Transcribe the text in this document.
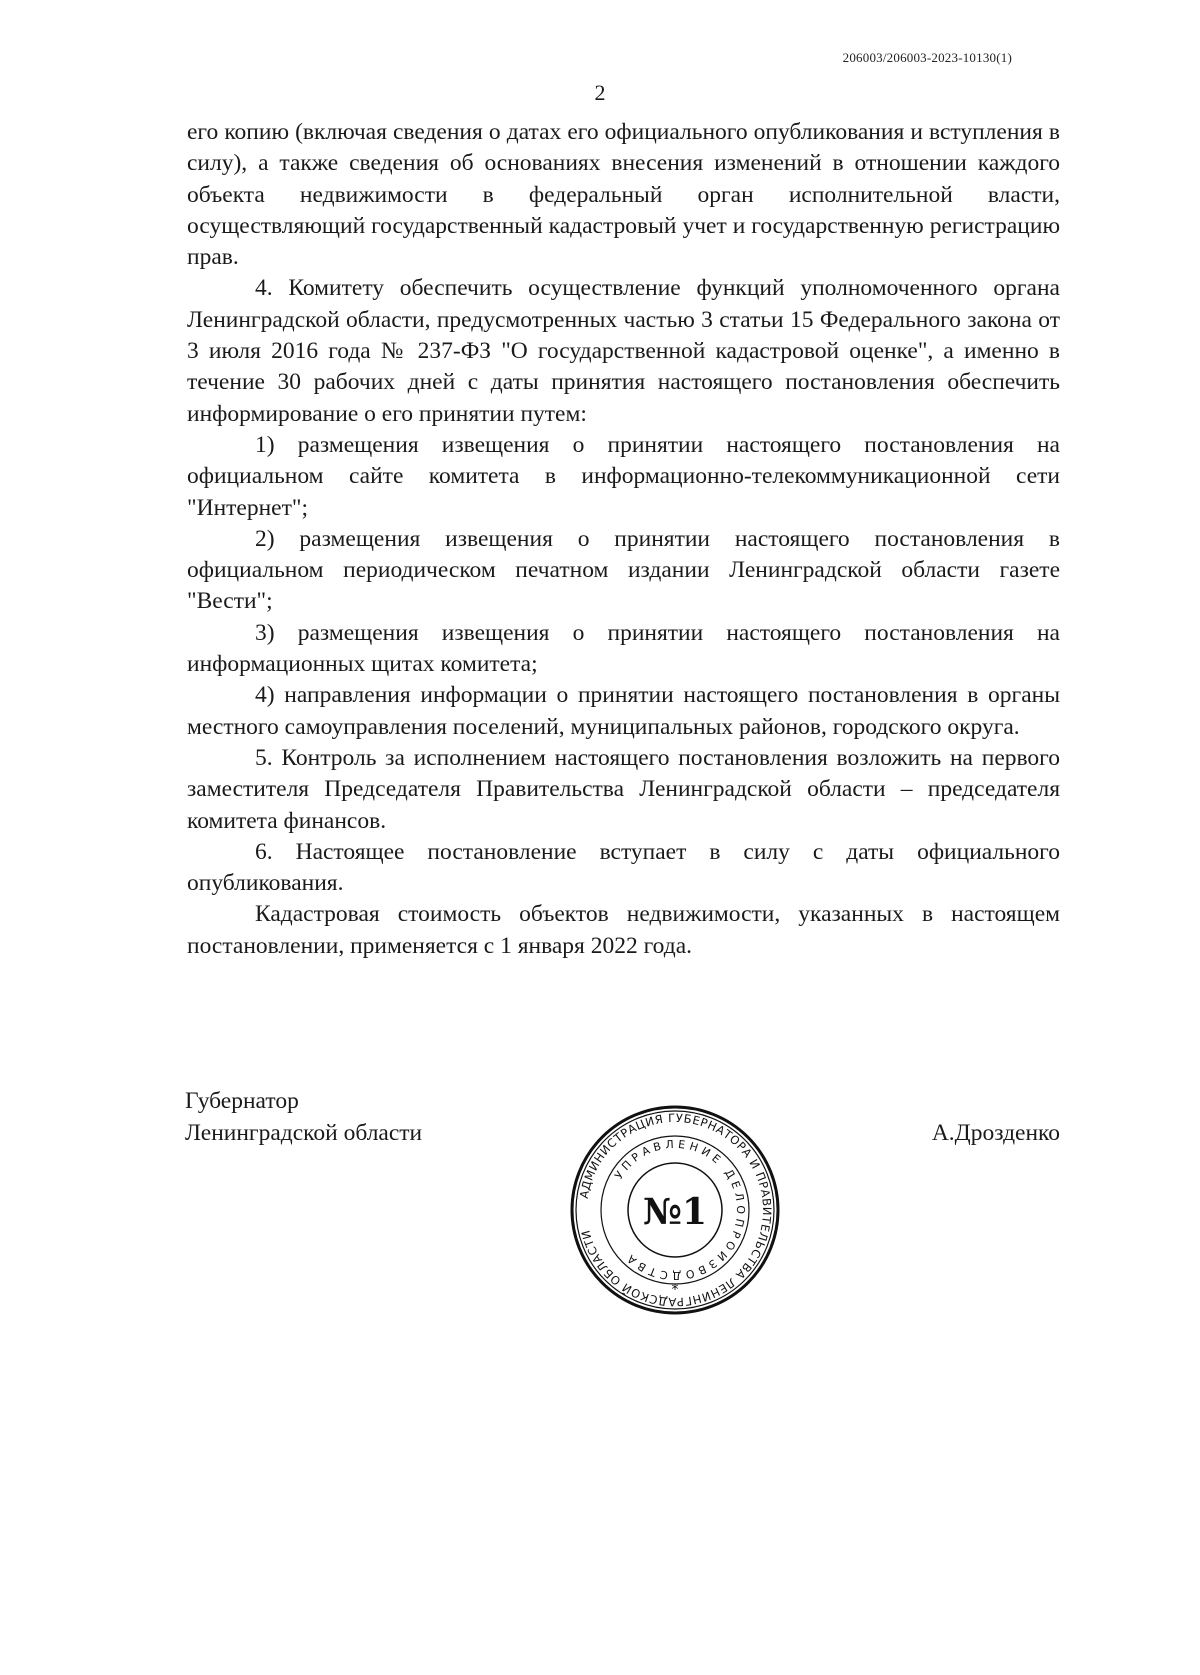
206003/206003-2023-10130(1)
2

его копию (включая сведения о датах его официального опубликования и вступления в силу), а также сведения об основаниях внесения изменений в отношении каждого объекта недвижимости в федеральный орган исполнительной власти, осуществляющий государственный кадастровый учет и государственную регистрацию прав.

4. Комитету обеспечить осуществление функций уполномоченного органа Ленинградской области, предусмотренных частью 3 статьи 15 Федерального закона от 3 июля 2016 года № 237-ФЗ "О государственной кадастровой оценке", а именно в течение 30 рабочих дней с даты принятия настоящего постановления обеспечить информирование о его принятии путем:

1) размещения извещения о принятии настоящего постановления на официальном сайте комитета в информационно-телекоммуникационной сети "Интернет";

2) размещения извещения о принятии настоящего постановления в официальном периодическом печатном издании Ленинградской области газете "Вести";

3) размещения извещения о принятии настоящего постановления на информационных щитах комитета;

4) направления информации о принятии настоящего постановления в органы местного самоуправления поселений, муниципальных районов, городского округа.

5. Контроль за исполнением настоящего постановления возложить на первого заместителя Председателя Правительства Ленинградской области – председателя комитета финансов.

6. Настоящее постановление вступает в силу с даты официального опубликования.

Кадастровая стоимость объектов недвижимости, указанных в настоящем постановлении, применяется с 1 января 2022 года.

Губернатор
Ленинградской области
АДМИНИСТРАЦИЯ ГУБЕРНАТОРА И ПРАВИТЕЛЬСТВА ЛЕНИНГРАДСКОЙ ОБЛАСТИ
УПРАВЛЕНИЕ ДЕЛОПРОИЗВОДСТВА
№1
*
А.Дрозденко
